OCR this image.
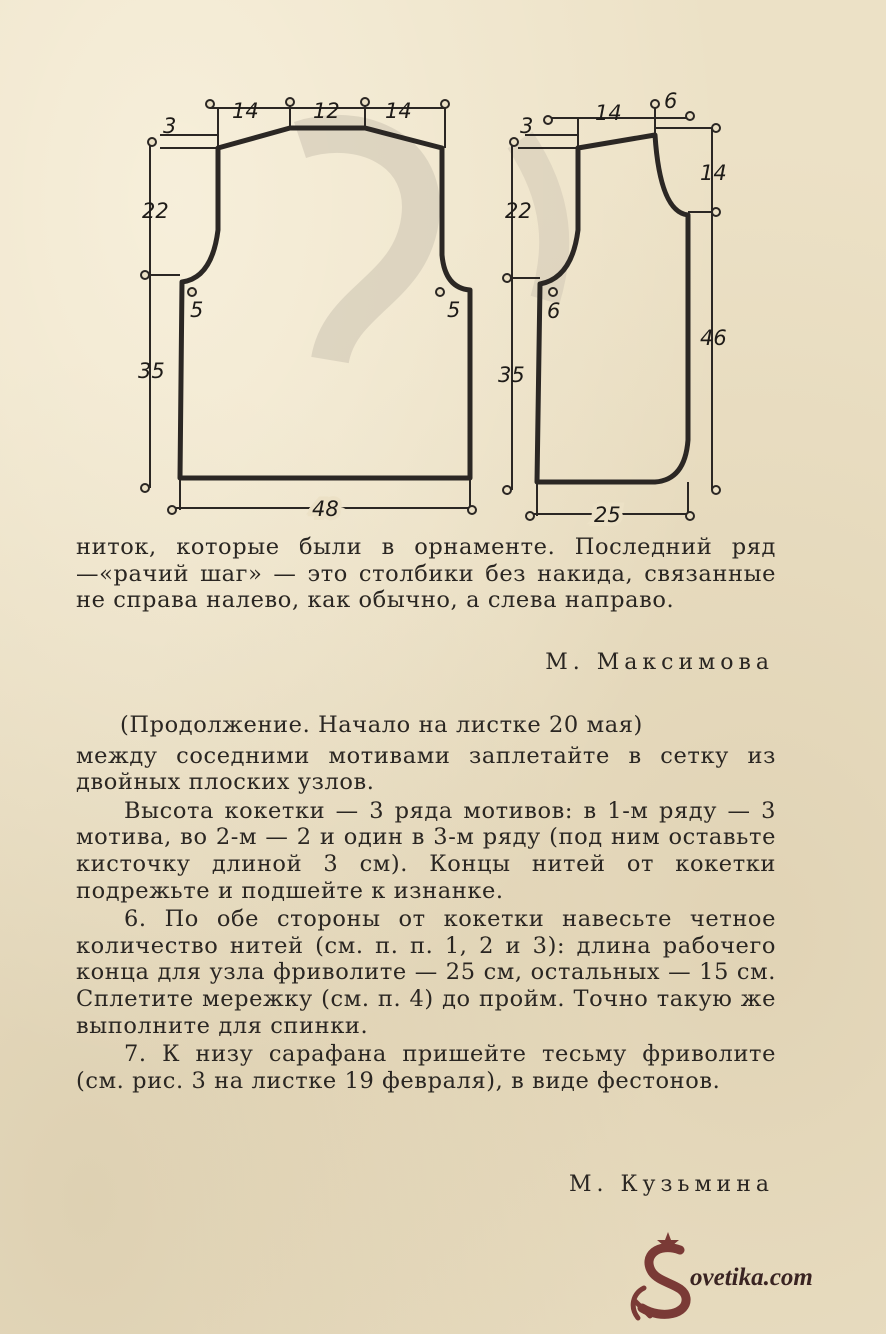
14	12 14
3
22
5	5
35
48
14 6
3
14
22
6
35
46
25

ниток, которые были в орнаменте. Последний ряд —«рачий шаг» — это столбики без накида, связанные не справа налево, как обычно, а слева направо.

М. Максимова

(Продолжение. Начало на листке 20 мая)

между соседними мотивами заплетайте в сетку из двойных плоских узлов.

Высота кокетки — 3 ряда мотивов: в 1-м ряду — 3 мотива, во 2-м — 2 и один в 3-м ряду (под ним оставьте кисточку длиной 3 см). Концы нитей от кокетки подрежьте и подшейте к изнанке.

6. По обе стороны от кокетки навесьте четное количество нитей (см. п. п. 1, 2 и 3): длина рабочего конца для узла фриволите — 25 см, остальных — 15 см. Сплетите мережку (см. п. 4) до пройм. Точно такую же выполните для спинки.

7. К низу сарафана пришейте тесьму фриволите (см. рис. 3 на листке 19 февраля), в виде фестонов.

М. Кузьмина
ovetika.com
